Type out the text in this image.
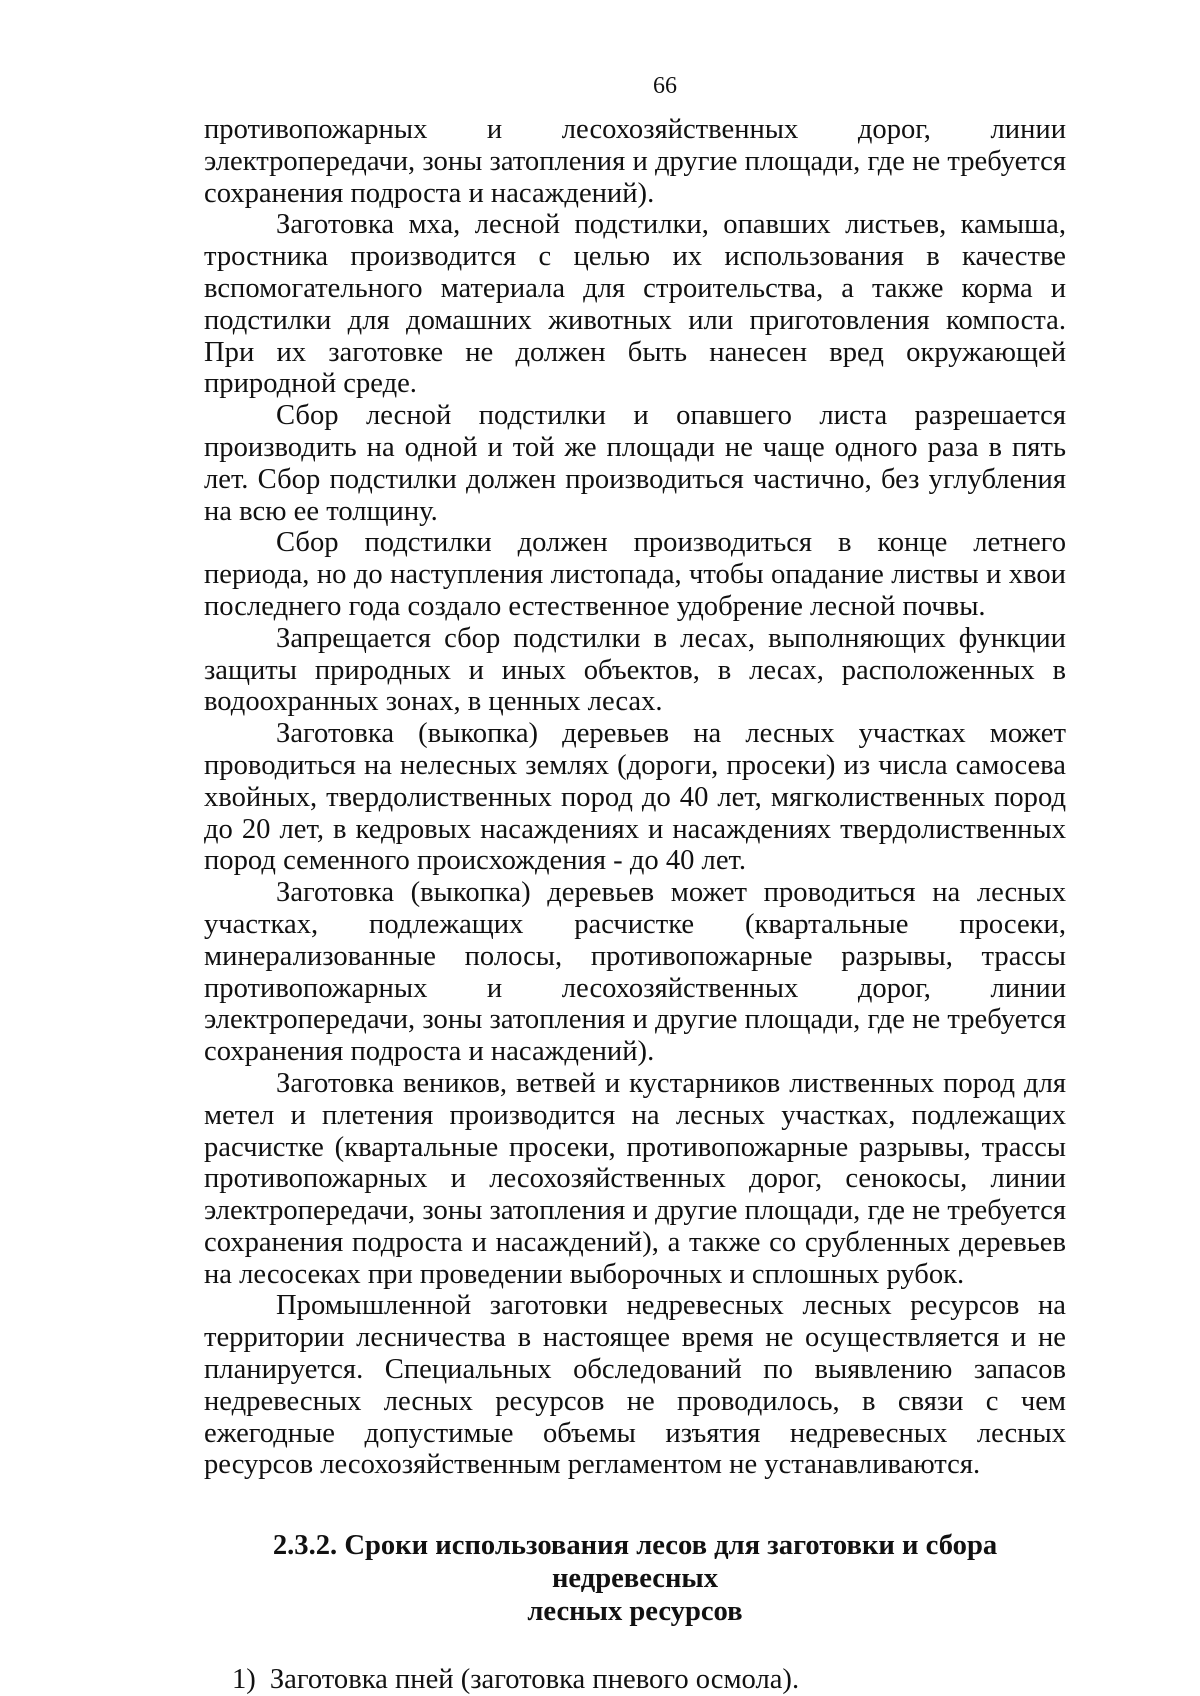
66

противопожарных и лесохозяйственных дорог, линии электропередачи, зоны затопления и другие площади, где не требуется сохранения подроста и насаждений).

Заготовка мха, лесной подстилки, опавших листьев, камыша, тростника производится с целью их использования в качестве вспомогательного материала для строительства, а также корма и подстилки для домашних животных или приготовления компоста. При их заготовке не должен быть нанесен вред окружающей природной среде.

Сбор лесной подстилки и опавшего листа разрешается производить на одной и той же площади не чаще одного раза в пять лет. Сбор подстилки должен производиться частично, без углубления на всю ее толщину.

Сбор подстилки должен производиться в конце летнего периода, но до наступления листопада, чтобы опадание листвы и хвои последнего года создало естественное удобрение лесной почвы.

Запрещается сбор подстилки в лесах, выполняющих функции защиты природных и иных объектов, в лесах, расположенных в водоохранных зонах, в ценных лесах.

Заготовка (выкопка) деревьев на лесных участках может проводиться на нелесных землях (дороги, просеки) из числа самосева хвойных, твердолиственных пород до 40 лет, мягколиственных пород до 20 лет, в кедровых насаждениях и насаждениях твердолиственных пород семенного происхождения - до 40 лет.

Заготовка (выкопка) деревьев может проводиться на лесных участках, подлежащих расчистке (квартальные просеки, минерализованные полосы, противопожарные разрывы, трассы противопожарных и лесохозяйственных дорог, линии электропередачи, зоны затопления и другие площади, где не требуется сохранения подроста и насаждений).

Заготовка веников, ветвей и кустарников лиственных пород для метел и плетения производится на лесных участках, подлежащих расчистке (квартальные просеки, противопожарные разрывы, трассы противопожарных и лесохозяйственных дорог, сенокосы, линии электропередачи, зоны затопления и другие площади, где не требуется сохранения подроста и насаждений), а также со срубленных деревьев на лесосеках при проведении выборочных и сплошных рубок.

Промышленной заготовки недревесных лесных ресурсов на территории лесничества в настоящее время не осуществляется и не планируется. Специальных обследований по выявлению запасов недревесных лесных ресурсов не проводилось, в связи с чем ежегодные допустимые объемы изъятия недревесных лесных ресурсов лесохозяйственным регламентом не устанавливаются.

2.3.2. Сроки использования лесов для заготовки и сбора недревесных
лесных ресурсов
1) Заготовка пней (заготовка пневого осмола).
